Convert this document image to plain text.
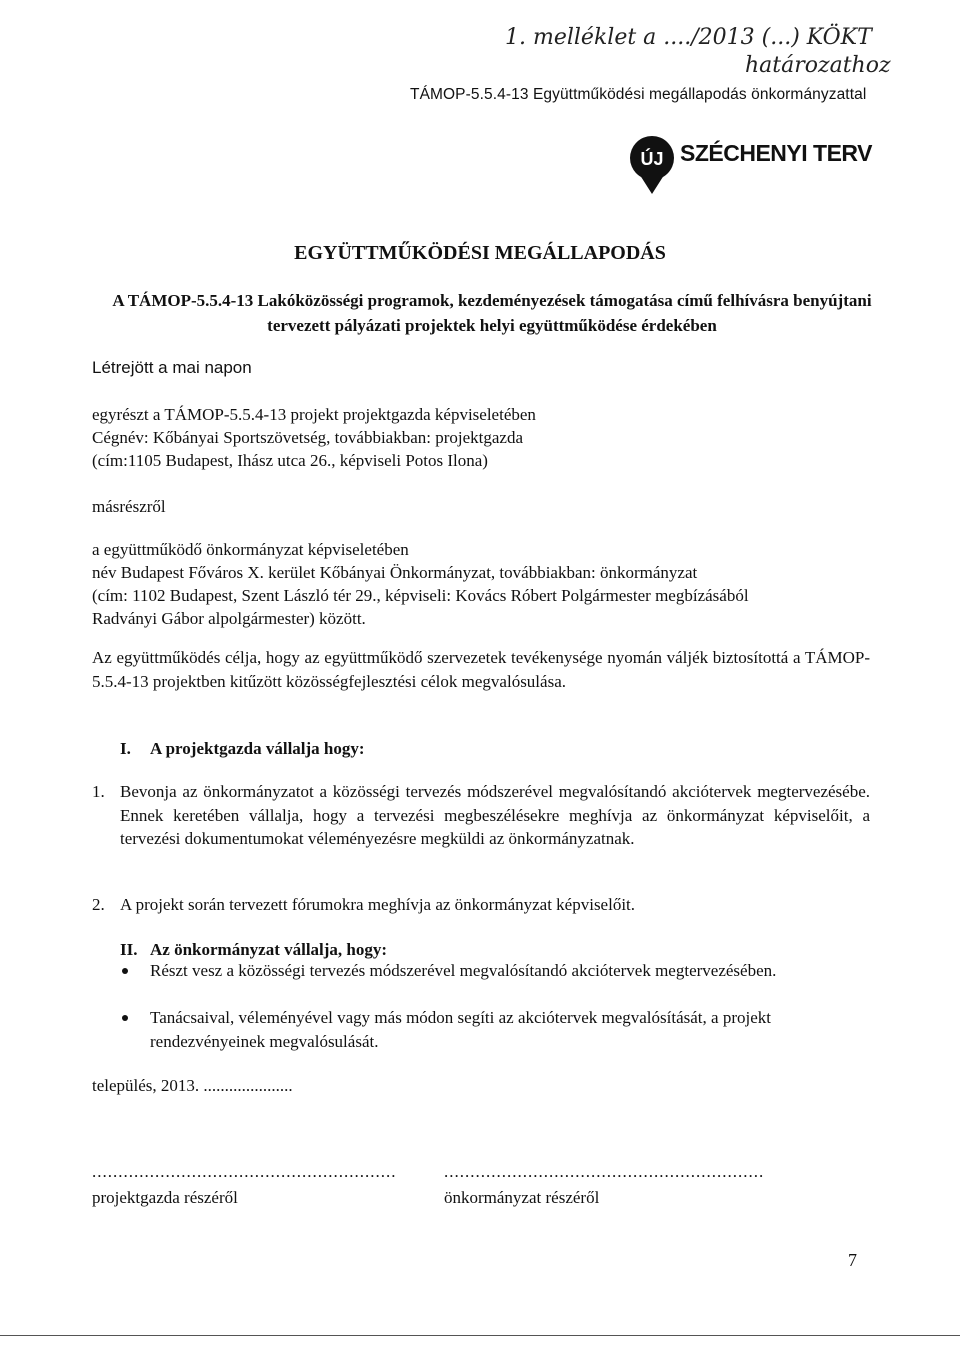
1. melléklet a ..../2013 (...) KÖKT
határozathoz
TÁMOP-5.5.4-13 Együttműködési megállapodás önkormányzattal
ÚJ SZÉCHENYI TERV
EGYÜTTMŰKÖDÉSI MEGÁLLAPODÁS
A TÁMOP-5.5.4-13 Lakóközösségi programok, kezdeményezések támogatása című felhívásra benyújtani tervezett pályázati projektek helyi együttműködése érdekében
Létrejött a mai napon
egyrészt a TÁMOP-5.5.4-13 projekt projektgazda képviseletében
Cégnév: Kőbányai Sportszövetség, továbbiakban: projektgazda
(cím:1105 Budapest, Ihász utca 26., képviseli Potos Ilona)
másrészről
a együttműködő önkormányzat képviseletében
név Budapest Főváros X. kerület Kőbányai Önkormányzat, továbbiakban: önkormányzat
(cím: 1102 Budapest, Szent László tér 29., képviseli: Kovács Róbert Polgármester megbízásából
Radványi Gábor alpolgármester) között.
Az együttműködés célja, hogy az együttműködő szervezetek tevékenysége nyomán váljék biztosítottá a TÁMOP-5.5.4-13 projektben kitűzött közösségfejlesztési célok megvalósulása.
I. A projektgazda vállalja hogy:
1. Bevonja az önkormányzatot a közösségi tervezés módszerével megvalósítandó akciótervek megtervezésébe. Ennek keretében vállalja, hogy a tervezési megbeszélésekre meghívja az önkormányzat képviselőit, a tervezési dokumentumokat véleményezésre megküldi az önkormányzatnak.
2. A projekt során tervezett fórumokra meghívja az önkormányzat képviselőit.
II. Az önkormányzat vállalja, hogy:
Részt vesz a közösségi tervezés módszerével megvalósítandó akciótervek megtervezésében.
Tanácsaival, véleményével vagy más módon segíti az akciótervek megvalósítását, a projekt rendezvényeinek megvalósulását.
település, 2013. .....................
..........................................................	.............................................................
projektgazda részéről	önkormányzat részéről
7
